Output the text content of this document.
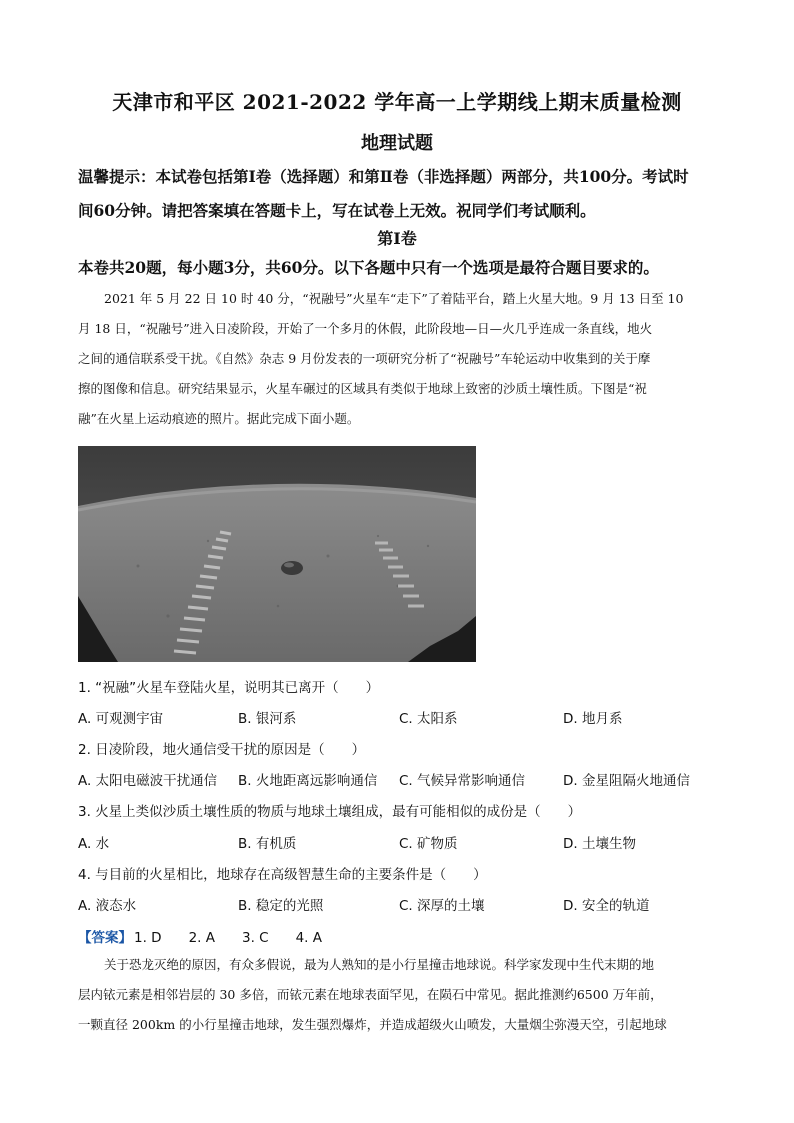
天津市和平区 2021-2022 学年高一上学期线上期末质量检测
地理试题
温馨提示：本试卷包括第Ⅰ卷（选择题）和第Ⅱ卷（非选择题）两部分，共100分。考试时
间60分钟。请把答案填在答题卡上，写在试卷上无效。祝同学们考试顺利。
第Ⅰ卷
本卷共20题，每小题3分，共60分。以下各题中只有一个选项是最符合题目要求的。
2021 年 5 月 22 日 10 时 40 分，“祝融号”火星车“走下”了着陆平台，踏上火星大地。9 月 13 日至 10
月 18 日，“祝融号”进入日凌阶段，开始了一个多月的休假，此阶段地—日—火几乎连成一条直线，地火
之间的通信联系受干扰。《自然》杂志 9 月份发表的一项研究分析了“祝融号”车轮运动中收集到的关于摩
擦的图像和信息。研究结果显示，火星车碾过的区域具有类似于地球上致密的沙质土壤性质。下图是“祝
融”在火星上运动痕迹的照片。据此完成下面小题。
1. “祝融”火星车登陆火星，说明其已离开（　　）
A. 可观测宇宙	B. 银河系	C. 太阳系	D. 地月系
2. 日凌阶段，地火通信受干扰的原因是（　　）
A. 太阳电磁波干扰通信 B. 火地距离远影响通信 C. 气候异常影响通信	D. 金星阻隔火地通信
3. 火星上类似沙质土壤性质的物质与地球土壤组成，最有可能相似的成份是（　　）
A. 水	B. 有机质	C. 矿物质	D. 土壤生物
4. 与目前的火星相比，地球存在高级智慧生命的主要条件是（　　）
A. 液态水	B. 稳定的光照	C. 深厚的土壤	D. 安全的轨道
【答案】 1. D　　2. A　　3. C　　4. A
关于恐龙灭绝的原因，有众多假说，最为人熟知的是小行星撞击地球说。科学家发现中生代末期的地
层内铱元素是相邻岩层的 30 多倍，而铱元素在地球表面罕见，在陨石中常见。据此推测约6500 万年前，
一颗直径 200km 的小行星撞击地球，发生强烈爆炸，并造成超级火山喷发，大量烟尘弥漫天空，引起地球
